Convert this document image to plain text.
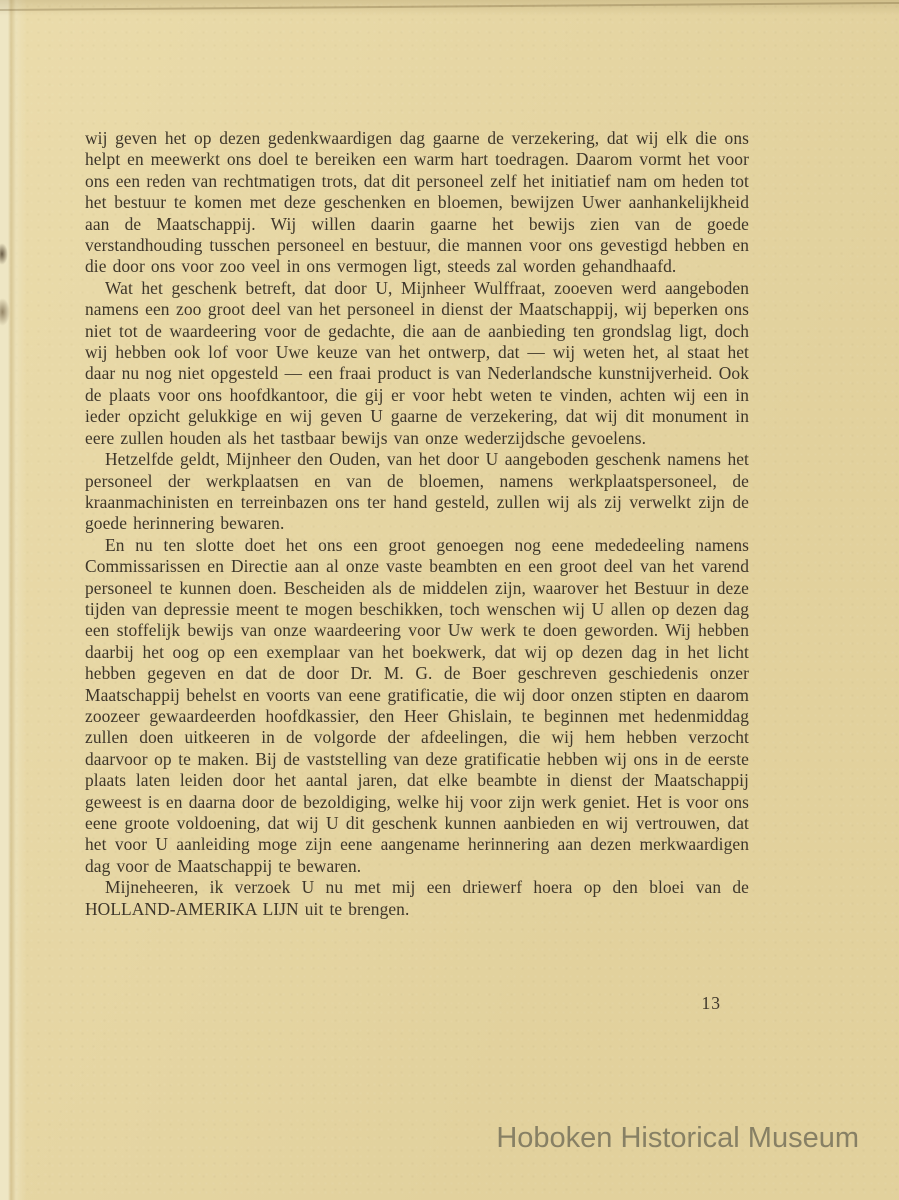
wij geven het op dezen gedenkwaardigen dag gaarne de verzekering, dat wij elk die ons helpt en meewerkt ons doel te bereiken een warm hart toedragen. Daarom vormt het voor ons een reden van rechtmatigen trots, dat dit personeel zelf het initiatief nam om heden tot het bestuur te komen met deze geschenken en bloemen, bewijzen Uwer aanhankelijkheid aan de Maatschappij. Wij willen daarin gaarne het bewijs zien van de goede verstandhouding tusschen personeel en bestuur, die mannen voor ons gevestigd hebben en die door ons voor zoo veel in ons vermogen ligt, steeds zal worden gehandhaafd.

Wat het geschenk betreft, dat door U, Mijnheer Wulffraat, zooeven werd aangeboden namens een zoo groot deel van het personeel in dienst der Maatschappij, wij beperken ons niet tot de waardeering voor de gedachte, die aan de aanbieding ten grondslag ligt, doch wij hebben ook lof voor Uwe keuze van het ontwerp, dat — wij weten het, al staat het daar nu nog niet opgesteld — een fraai product is van Nederlandsche kunstnijverheid. Ook de plaats voor ons hoofdkantoor, die gij er voor hebt weten te vinden, achten wij een in ieder opzicht gelukkige en wij geven U gaarne de verzekering, dat wij dit monument in eere zullen houden als het tastbaar bewijs van onze wederzijdsche gevoelens.

Hetzelfde geldt, Mijnheer den Ouden, van het door U aangeboden geschenk namens het personeel der werkplaatsen en van de bloemen, namens werkplaatspersoneel, de kraanmachinisten en terreinbazen ons ter hand gesteld, zullen wij als zij verwelkt zijn de goede herinnering bewaren.

En nu ten slotte doet het ons een groot genoegen nog eene mededeeling namens Commissarissen en Directie aan al onze vaste beambten en een groot deel van het varend personeel te kunnen doen. Bescheiden als de middelen zijn, waarover het Bestuur in deze tijden van depressie meent te mogen beschikken, toch wenschen wij U allen op dezen dag een stoffelijk bewijs van onze waardeering voor Uw werk te doen geworden. Wij hebben daarbij het oog op een exemplaar van het boekwerk, dat wij op dezen dag in het licht hebben gegeven en dat de door Dr. M. G. de Boer geschreven geschiedenis onzer Maatschappij behelst en voorts van eene gratificatie, die wij door onzen stipten en daarom zoozeer gewaardeerden hoofdkassier, den Heer Ghislain, te beginnen met hedenmiddag zullen doen uitkeeren in de volgorde der afdeelingen, die wij hem hebben verzocht daarvoor op te maken. Bij de vaststelling van deze gratificatie hebben wij ons in de eerste plaats laten leiden door het aantal jaren, dat elke beambte in dienst der Maatschappij geweest is en daarna door de bezoldiging, welke hij voor zijn werk geniet. Het is voor ons eene groote voldoening, dat wij U dit geschenk kunnen aanbieden en wij vertrouwen, dat het voor U aanleiding moge zijn eene aangename herinnering aan dezen merkwaardigen dag voor de Maatschappij te bewaren.

Mijneheeren, ik verzoek U nu met mij een driewerf hoera op den bloei van de HOLLAND-AMERIKA LIJN uit te brengen.

13
Hoboken Historical Museum
